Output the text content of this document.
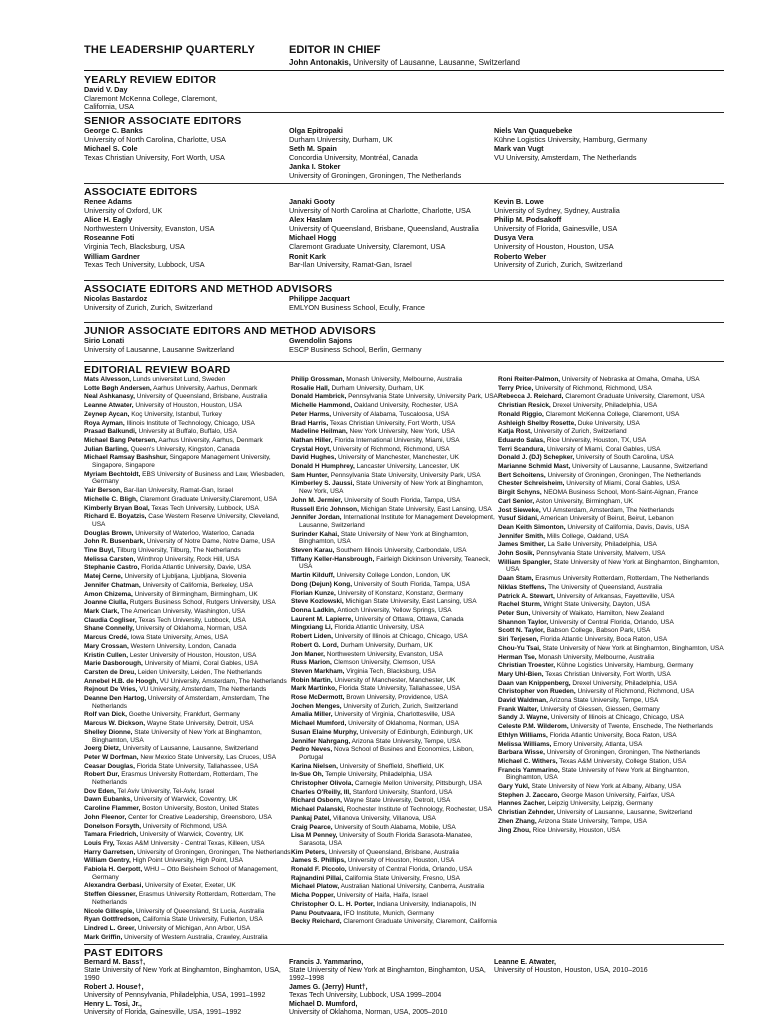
THE LEADERSHIP QUARTERLY	EDITOR IN CHIEF
John Antonakis, University of Lausanne, Lausanne, Switzerland
YEARLY REVIEW EDITOR
David V. Day
Claremont McKenna College, Claremont, California, USA
SENIOR ASSOCIATE EDITORS
George C. Banks
University of North Carolina, Charlotte, USA
Michael S. Cole
Texas Christian University, Fort Worth, USA
Olga Epitropaki
Durham University, Durham, UK
Seth M. Spain
Concordia University, Montréal, Canada
Janka I. Stoker
University of Groningen, Groningen, The Netherlands
Niels Van Quaquebeke
Kühne Logistics University, Hamburg, Germany
Mark van Vugt
VU University, Amsterdam, The Netherlands
ASSOCIATE EDITORS
Renee Adams
University of Oxford, UK
Alice H. Eagly
Northwestern University, Evanston, USA
Roseanne Foti
Virginia Tech, Blacksburg, USA
William Gardner
Texas Tech University, Lubbock, USA
Janaki Gooty
University of North Carolina at Charlotte, Charlotte, USA
Alex Haslam
University of Queensland, Brisbane, Queensland, Australia
Michael Hogg
Claremont Graduate University, Claremont, USA
Ronit Kark
Bar-Ilan University, Ramat-Gan, Israel
Kevin B. Lowe
University of Sydney, Sydney, Australia
Philip M. Podsakoff
University of Florida, Gainesville, USA
Dusya Vera
University of Houston, Houston, USA
Roberto Weber
University of Zurich, Zurich, Switzerland
ASSOCIATE EDITORS AND METHOD ADVISORS
Nicolas Bastardoz
University of Zurich, Zurich, Switzerland
Philippe Jacquart
EMLYON Business School, Ecully, France
JUNIOR ASSOCIATE EDITORS AND METHOD ADVISORS
Sirio Lonati
University of Lausanne, Lausanne Switzerland
Gwendolin Sajons
ESCP Business School, Berlin, Germany
EDITORIAL REVIEW BOARD
Mats Alvesson, Lunds universitet Lund, Sweden
Lotte Bøgh Andersen, Aarhus University, Aarhus, Denmark
Neal Ashkanasy, University of Queensland, Brisbane, Australia
Leanne Atwater, University of Houston, Houston, USA
Zeynep Aycan, Koç University, Istanbul, Turkey
Roya Ayman, Illinois Institute of Technology, Chicago, USA
Prasad Balkundi, University at Buffalo, Buffalo, USA
Michael Bang Petersen, Aarhus University, Aarhus, Denmark
Julian Barling, Queen's University, Kingston, Canada
Michael Ramsay Bashshur, Singapore Management University, Singapore, Singapore
Myriam Bechtoldt, EBS University of Business and Law, Wiesbaden, Germany
Yair Berson, Bar-Ilan University, Ramat-Gan, Israel
Michelle C. Bligh, Claremont Graduate University,Claremont, USA
Kimberly Bryan Boal, Texas Tech University, Lubbock, USA
Richard E. Boyatzis, Case Western Reserve University, Cleveland, USA
Douglas Brown, University of Waterloo, Waterloo, Canada
John R. Busenbark, University of Notre Dame, Notre Dame, USA
Tine Buyl, Tilburg University, Tilburg, The Netherlands
Melissa Carsten, Winthrop University, Rock Hill, USA
Stephanie Castro, Florida Atlantic University, Davie, USA
Matej Cerne, University of Ljubljana, Ljubljana, Slovenia
Jennifer Chatman, University of California, Berkeley, USA
Amon Chizema, University of Birmingham, Birmingham, UK
Joanne Ciulla, Rutgers Business School, Rutgers University, USA
Mark Clark, The American University, Washington, USA
Claudia Cogliser, Texas Tech University, Lubbock, USA
Shane Connelly, University of Oklahoma, Norman, USA
Marcus Credé, Iowa State University, Ames, USA
Mary Crossan, Western University, London, Canada
Kristin Cullen, Lester University of Houston, Houston, USA
Marie Dasborough, University of Miami, Coral Gables, USA
Carsten de Dreu, Leiden University, Leiden, The Netherlands
Annebel H.B. de Hoogh, VU University, Amsterdam, The Netherlands
Rejnout De Vries, VU University, Amsterdam, The Netherlands
Deanne Den Hartog, University of Amsterdam, Amsterdam, The Netherlands
Rolf van Dick, Goethe University, Frankfurt, Germany
Marcus W. Dickson, Wayne State University, Detroit, USA
Shelley Dionne, State University of New York at Binghamton, Binghamton, USA
Joerg Dietz, University of Lausanne, Lausanne, Switzerland
Peter W Dorfman, New Mexico State University, Las Cruces, USA
Ceasar Douglas, Florida State University, Tallahassee, USA
Robert Dur, Erasmus University Rotterdam, Rotterdam, The Netherlands
Dov Eden, Tel Aviv University, Tel-Aviv, Israel
Dawn Eubanks, University of Warwick, Coventry, UK
Caroline Flammer, Boston University, Boston, United States
John Fleenor, Center for Creative Leadership, Greensboro, USA
Donelson Forsyth, University of Richmond, USA
Tamara Friedrich, University of Warwick, Coventry, UK
Louis Fry, Texas A&M University - Central Texas, Killeen, USA
Harry Garretsen, University of Groningen, Groningen, The Netherlands
William Gentry, High Point University, High Point, USA
Fabiola H. Gerpott, WHU – Otto Beisheim School of Management, Germany
Alexandra Gerbasi, University of Exeter, Exeter, UK
Steffen Giessner, Erasmus University Rotterdam, Rotterdam, The Netherlands
Nicole Gillespie, University of Queensland, St Lucia, Australia
Ryan Gottfredson, California State University, Fullerton, USA
Lindred L. Greer, University of Michigan, Ann Arbor, USA
Mark Griffin, University of Western Australia, Crawley, Australia
Philip Grossman, Monash University, Melbourne, Australia
Rosalie Hall, Durham University, Durham, UK
Donald Hambrick, Pennsylvania State University, University Park, USA
Michelle Hammond, Oakland University, Rochester, USA
Peter Harms, University of Alabama, Tuscaloosa, USA
Brad Harris, Texas Christian University, Fort Worth, USA
Madeline Heilman, New York University, New York, USA
Nathan Hiller, Florida International University, Miami, USA
Crystal Hoyt, University of Richmond, Richmond, USA
David Hughes, University of Manchester, Manchester, UK
Donald H Humphrey, Lancaster University, Lancester, UK
Sam Hunter, Pennsylvania State University, University Park, USA
Kimberley S. Jaussi, State University of New York at Binghamton, New York, USA
John M. Jermier, University of South Florida, Tampa, USA
Russell Eric Johnson, Michigan State University, East Lansing, USA
Jennifer Jordan, International Institute for Management Development, Lausanne, Switzerland
Surinder Kahai, State University of New York at Binghamton, Binghamton, USA
Steven Karau, Southern Illinois University, Carbondale, USA
Tiffany Keller-Hansbrough, Fairleigh Dickinson University, Teaneck, USA
Martin Kilduff, University College London, London, UK
Dong (Dejun) Kong, University of South Florida, Tampa, USA
Florian Kunze, University of Konstanz, Konstanz, Germany
Steve Kozlowski, Michigan State University, East Lansing, USA
Donna Ladkin, Antioch University, Yellow Springs, USA
Laurent M. Lapierre, University of Ottawa, Ottawa, Canada
Mingxiang Li, Florida Atlantic University, USA
Robert Liden, University of Illinois at Chicago, Chicago, USA
Robert G. Lord, Durham University, Durham, UK
Jon Maner, Northwestern University, Evanston, USA
Russ Marion, Clemson University, Clemson, USA
Steven Markham, Virginia Tech, Blacksburg, USA
Robin Martin, University of Manchester, Manchester, UK
Mark Martinko, Florida State University, Tallahassee, USA
Rose McDermott, Brown University, Providence, USA
Jochen Menges, University of Zurich, Zurich, Switzerland
Amalia Miller, University of Virginia, Charlottesville, USA
Michael Mumford, University of Oklahoma, Norman, USA
Susan Elaine Murphy, University of Edinburgh, Edinburgh, UK
Jennifer Nahrgang, Arizona State University, Tempe, USA
Pedro Neves, Nova School of Busines and Economics, Lisbon, Portugal
Karina Nielsen, University of Sheffield, Sheffield, UK
In-Sue Oh, Temple University, Philadelphia, USA
Christopher Olivola, Carnegie Mellon University, Pittsburgh, USA
Charles O'Reilly, III, Stanford University, Stanford, USA
Richard Osborn, Wayne State University, Detroit, USA
Michael Palanski, Rochester Institute of Technology, Rochester, USA
Pankaj Patel, Villanova University, Villanova, USA
Craig Pearce, University of South Alabama, Mobile, USA
Lisa M Penney, University of South Florida Sarasota-Manatee, Sarasota, USA
Kim Peters, University of Queensland, Brisbane, Australia
James S. Phillips, University of Houston, Houston, USA
Ronald F. Piccolo, University of Central Florida, Orlando, USA
Rajnandini Pillai, California State University, Fresno, USA
Michael Platow, Australian National University, Canberra, Australia
Micha Popper, University of Haifa, Haifa, Israel
Christopher O. L. H. Porter, Indiana University, Indianapolis, IN
Panu Poutvaara, IFO Institute, Munich, Germany
Becky Reichard, Claremont Graduate University, Claremont, California
Roni Reiter-Palmon, University of Nebraska at Omaha, Omaha, USA
Terry Price, University of Richmond, Richmond, USA
Rebecca J. Reichard, Claremont Graduate University, Claremont, USA
Christian Resick, Drexel University, Philadelphia, USA
Ronald Riggio, Claremont McKenna College, Claremont, USA
Ashleigh Shelby Rosette, Duke University, USA
Katja Rost, University of Zurich, Switzerland
Eduardo Salas, Rice University, Houston, TX, USA
Terri Scandura, University of Miami, Coral Gables, USA
Donald J. (DJ) Schepker, University of South Carolina, USA
Marianne Schmid Mast, University of Lausanne, Lausanne, Switzerland
Bert Schoitens, University of Groningen, Groningen, The Netherlands
Chester Schreisheim, University of Miami, Coral Gables, USA
Birgit Schyns, NEOMA Business School, Mont-Saint-Aignan, France
Carl Senior, Aston University, Birmingham, UK
Jost Sieweke, VU Amsterdam, Amsterdam, The Netherlands
Yusuf Sidani, American University of Beirut, Beirut, Lebanon
Dean Keith Simonton, University of California, Davis, Davis, USA
Jennifer Smith, Mills College, Oakland, USA
James Smither, La Salle University, Philadelphia, USA
John Sosik, Pennsylvania State University, Malvern, USA
William Spangler, State University of New York at Binghamton, Binghamton, USA
Daan Stam, Erasmus University Rotterdam, Rotterdam, The Netherlands
Niklas Steffens, The University of Queensland, Australia
Patrick A. Stewart, University of Arkansas, Fayetteville, USA
Rachel Sturm, Wright State University, Dayton, USA
Peter Sun, University of Waikato, Hamilton, New Zealand
Shannon Taylor, University of Central Florida, Orlando, USA
Scott N. Taylor, Babson College, Babson Park, USA
Siri Terjesen, Florida Atlantic University, Boca Raton, USA
Chou-Yu Tsai, State University of New York at Binghamton, Binghamton, USA
Herman Tse, Monash University, Melbourne, Australia
Christian Troester, Kühne Logistics University, Hamburg, Germany
Mary Uhl-Bien, Texas Christian University, Fort Worth, USA
Daan van Knippenberg, Drexel University, Philadelphia, USA
Christopher von Rueden, University of Richmond, Richmond, USA
David Waldman, Arizona State University, Tempe, USA
Frank Walter, University of Giessen, Giessen, Germany
Sandy J. Wayne, University of Illinois at Chicago, Chicago, USA
Celeste P.M. Wilderom, University of Twente, Enschede, The Netherlands
Ethlyn Williams, Florida Atlantic University, Boca Raton, USA
Melissa Williams, Emory University, Atlanta, USA
Barbara Wisse, University of Groningen, Groningen, The Netherlands
Michael C. Withers, Texas A&M University, College Station, USA
Francis Yammarino, State University of New York at Binghamton, Binghamton, USA
Gary Yukl, State University of New York at Albany, Albany, USA
Stephen J. Zaccaro, George Mason University, Fairfax, USA
Hannes Zacher, Leipzig University, Leipzig, Germany
Christian Zehnder, University of Lausanne, Lausanne, Switzerland
Zhen Zhang, Arizona State University, Tempe, USA
Jing Zhou, Rice University, Houston, USA
PAST EDITORS
Bernard M. Bass†,
State University of New York at Binghamton, Binghamton, USA, 1990
Robert J. House†,
University of Pennsylvania, Philadelphia, USA, 1991–1992
Henry L. Tosi, Jr.,
University of Florida, Gainesville, USA, 1991–1992
Francis J. Yammarino,
State University of New York at Binghamton, Binghamton, USA, 1992–1998
James G. (Jerry) Hunt†,
Texas Tech University, Lubbock, USA 1999–2004
Michael D. Mumford,
University of Oklahoma, Norman, USA, 2005–2010
Leanne E. Atwater,
University of Houston, Houston, USA, 2010–2016
